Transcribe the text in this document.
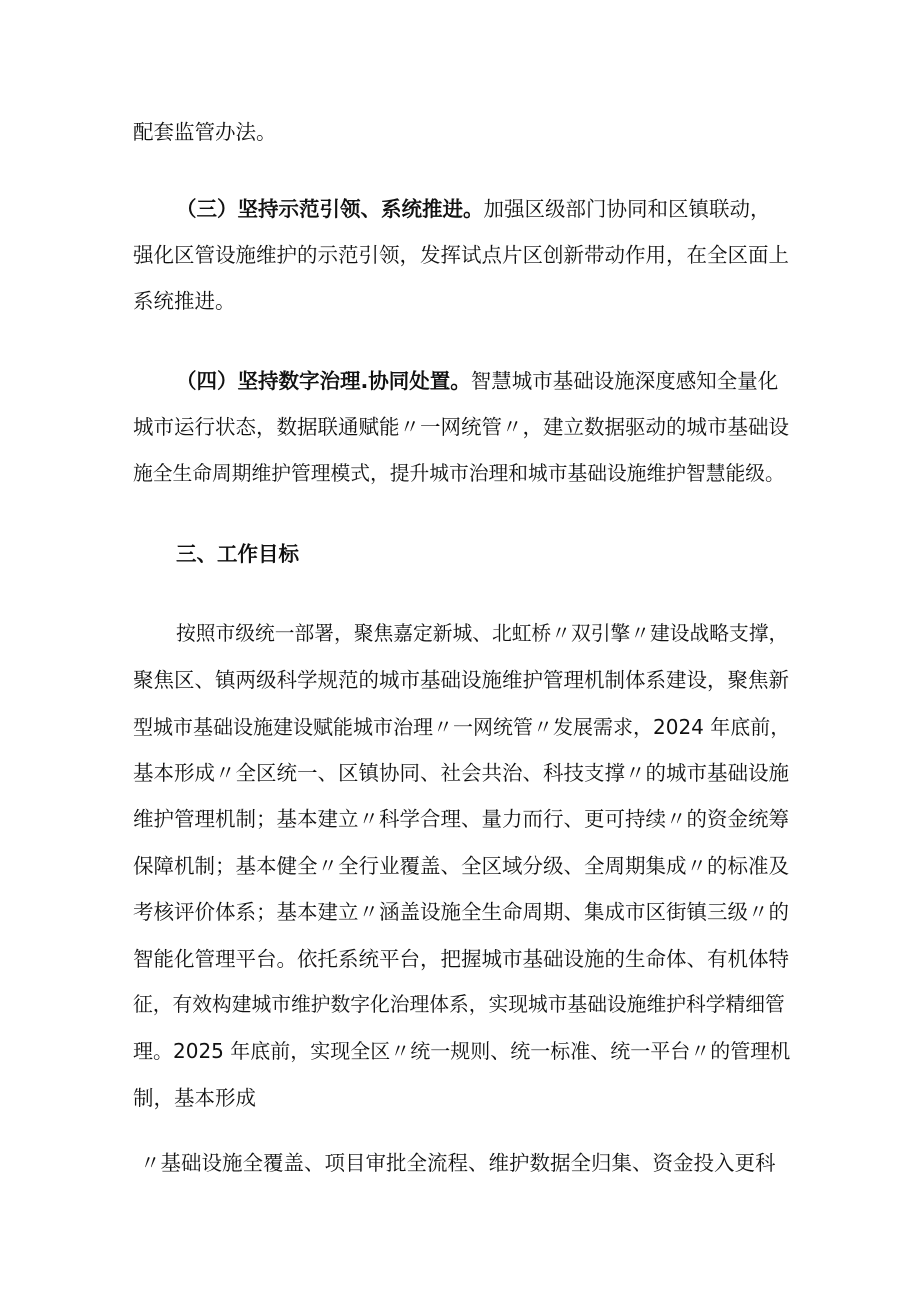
配套监管办法。
（三）坚持示范引领、系统推进。加强区级部门协同和区镇联动，
强化区管设施维护的示范引领，发挥试点片区创新带动作用，在全区面上
系统推进。
（四）坚持数字治理.协同处置。智慧城市基础设施深度感知全量化
城市运行状态，数据联通赋能〃一网统管〃，建立数据驱动的城市基础设
施全生命周期维护管理模式，提升城市治理和城市基础设施维护智慧能级。
三、工作目标
按照市级统一部署，聚焦嘉定新城、北虹桥〃双引擎〃建设战略支撑，
聚焦区、镇两级科学规范的城市基础设施维护管理机制体系建设，聚焦新
型城市基础设施建设赋能城市治理〃一网统管〃发展需求，2024 年底前，
基本形成〃全区统一、区镇协同、社会共治、科技支撑〃的城市基础设施
维护管理机制；基本建立〃科学合理、量力而行、更可持续〃的资金统筹
保障机制；基本健全〃全行业覆盖、全区域分级、全周期集成〃的标准及
考核评价体系；基本建立〃涵盖设施全生命周期、集成市区街镇三级〃的
智能化管理平台。依托系统平台，把握城市基础设施的生命体、有机体特
征，有效构建城市维护数字化治理体系，实现城市基础设施维护科学精细管
理。2025 年底前，实现全区〃统一规则、统一标准、统一平台〃的管理机
制，基本形成
〃基础设施全覆盖、项目审批全流程、维护数据全归集、资金投入更科
